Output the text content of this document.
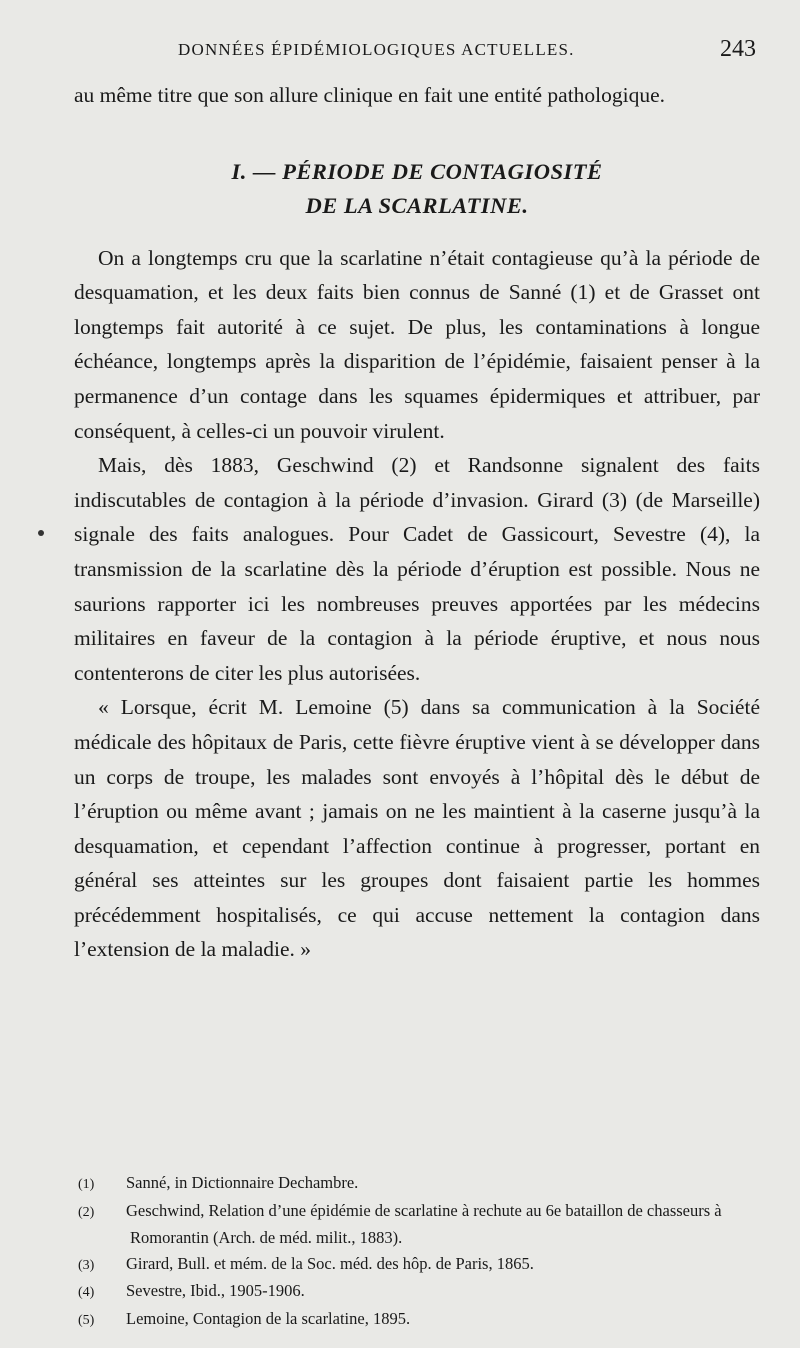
DONNÉES ÉPIDÉMIOLOGIQUES ACTUELLES.	243

au même titre que son allure clinique en fait une entité pathologique.

I. — PÉRIODE DE CONTAGIOSITÉ
DE LA SCARLATINE.

On a longtemps cru que la scarlatine n’était contagieuse qu’à la période de desquamation, et les deux faits bien connus de Sanné (1) et de Grasset ont longtemps fait autorité à ce sujet. De plus, les contaminations à longue échéance, longtemps après la disparition de l’épidémie, faisaient penser à la permanence d’un contage dans les squames épidermiques et attribuer, par conséquent, à celles-ci un pouvoir virulent.

Mais, dès 1883, Geschwind (2) et Randsonne signalent des faits indiscutables de contagion à la période d’invasion. Girard (3) (de Marseille) signale des faits analogues. Pour Cadet de Gassicourt, Sevestre (4), la transmission de la scarlatine dès la période d’éruption est possible. Nous ne saurions rapporter ici les nombreuses preuves apportées par les médecins militaires en faveur de la contagion à la période éruptive, et nous nous contenterons de citer les plus autorisées.

« Lorsque, écrit M. Lemoine (5) dans sa communication à la Société médicale des hôpitaux de Paris, cette fièvre éruptive vient à se développer dans un corps de troupe, les malades sont envoyés à l’hôpital dès le début de l’éruption ou même avant ; jamais on ne les maintient à la caserne jusqu’à la desquamation, et cependant l’affection continue à progresser, portant en général ses atteintes sur les groupes dont faisaient partie les hommes précédemment hospitalisés, ce qui accuse nettement la contagion dans l’extension de la maladie. »

(1) Sanné, in Dictionnaire Dechambre.

(2) Geschwind, Relation d’une épidémie de scarlatine à rechute au 6e bataillon de chasseurs à Romorantin (Arch. de méd. milit., 1883).

(3) Girard, Bull. et mém. de la Soc. méd. des hôp. de Paris, 1865.

(4) Sevestre, Ibid., 1905-1906.

(5) Lemoine, Contagion de la scarlatine, 1895.
